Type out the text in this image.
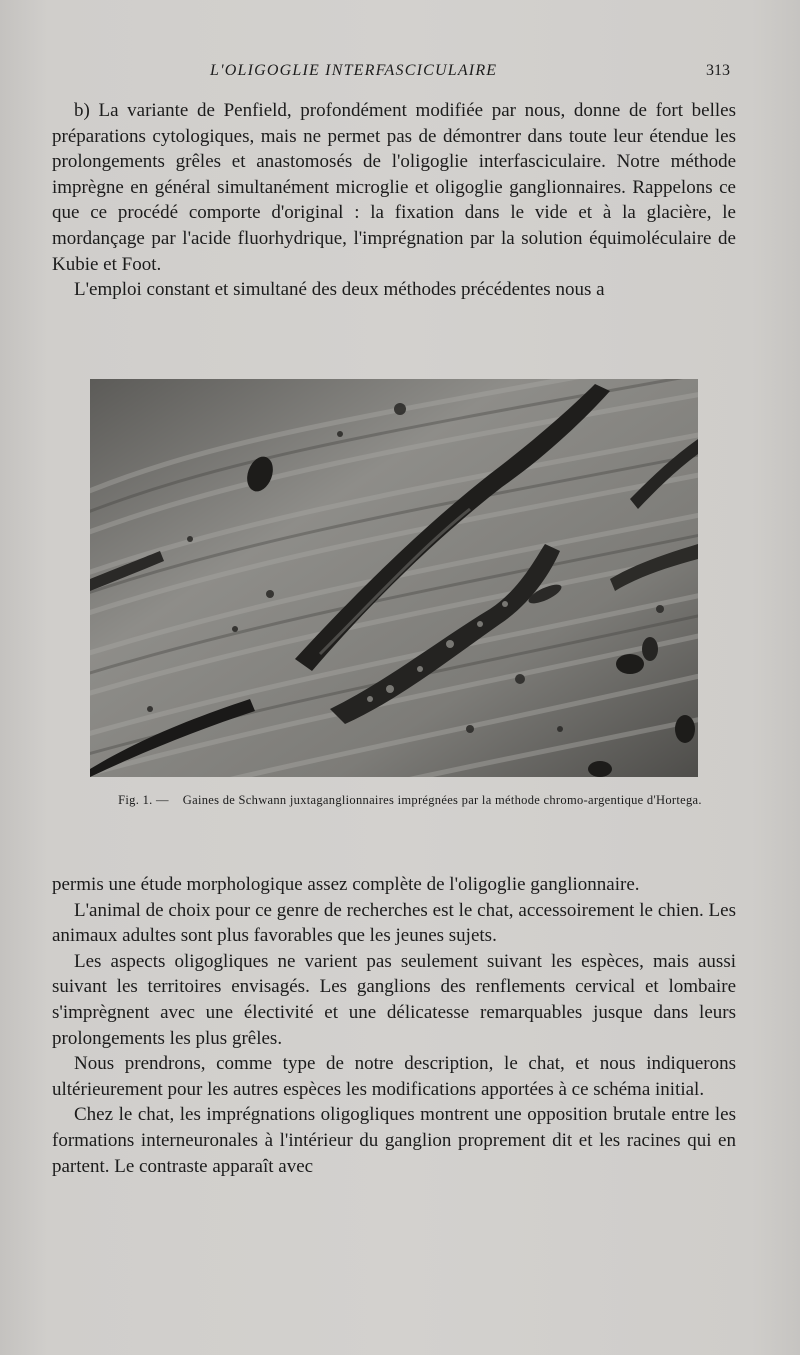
L'OLIGOGLIE INTERFASCICULAIRE	313

b) La variante de Penfield, profondément modifiée par nous, donne de fort belles préparations cytologiques, mais ne permet pas de démontrer dans toute leur étendue les prolongements grêles et anastomosés de l'oligoglie interfasciculaire. Notre méthode imprègne en général simultanément microglie et oligoglie ganglionnaires. Rappelons ce que ce procédé comporte d'original : la fixation dans le vide et à la glacière, le mordançage par l'acide fluorhydrique, l'imprégnation par la solution équimoléculaire de Kubie et Foot.

L'emploi constant et simultané des deux méthodes précédentes nous a

Fig. 1. — Gaines de Schwann juxtaganglionnaires imprégnées par la méthode chromo-argentique d'Hortega.

permis une étude morphologique assez complète de l'oligoglie ganglionnaire.

L'animal de choix pour ce genre de recherches est le chat, accessoirement le chien. Les animaux adultes sont plus favorables que les jeunes sujets.

Les aspects oligogliques ne varient pas seulement suivant les espèces, mais aussi suivant les territoires envisagés. Les ganglions des renflements cervical et lombaire s'imprègnent avec une électivité et une délicatesse remarquables jusque dans leurs prolongements les plus grêles.

Nous prendrons, comme type de notre description, le chat, et nous indiquerons ultérieurement pour les autres espèces les modifications apportées à ce schéma initial.

Chez le chat, les imprégnations oligogliques montrent une opposition brutale entre les formations interneuronales à l'intérieur du ganglion proprement dit et les racines qui en partent. Le contraste apparaît avec
